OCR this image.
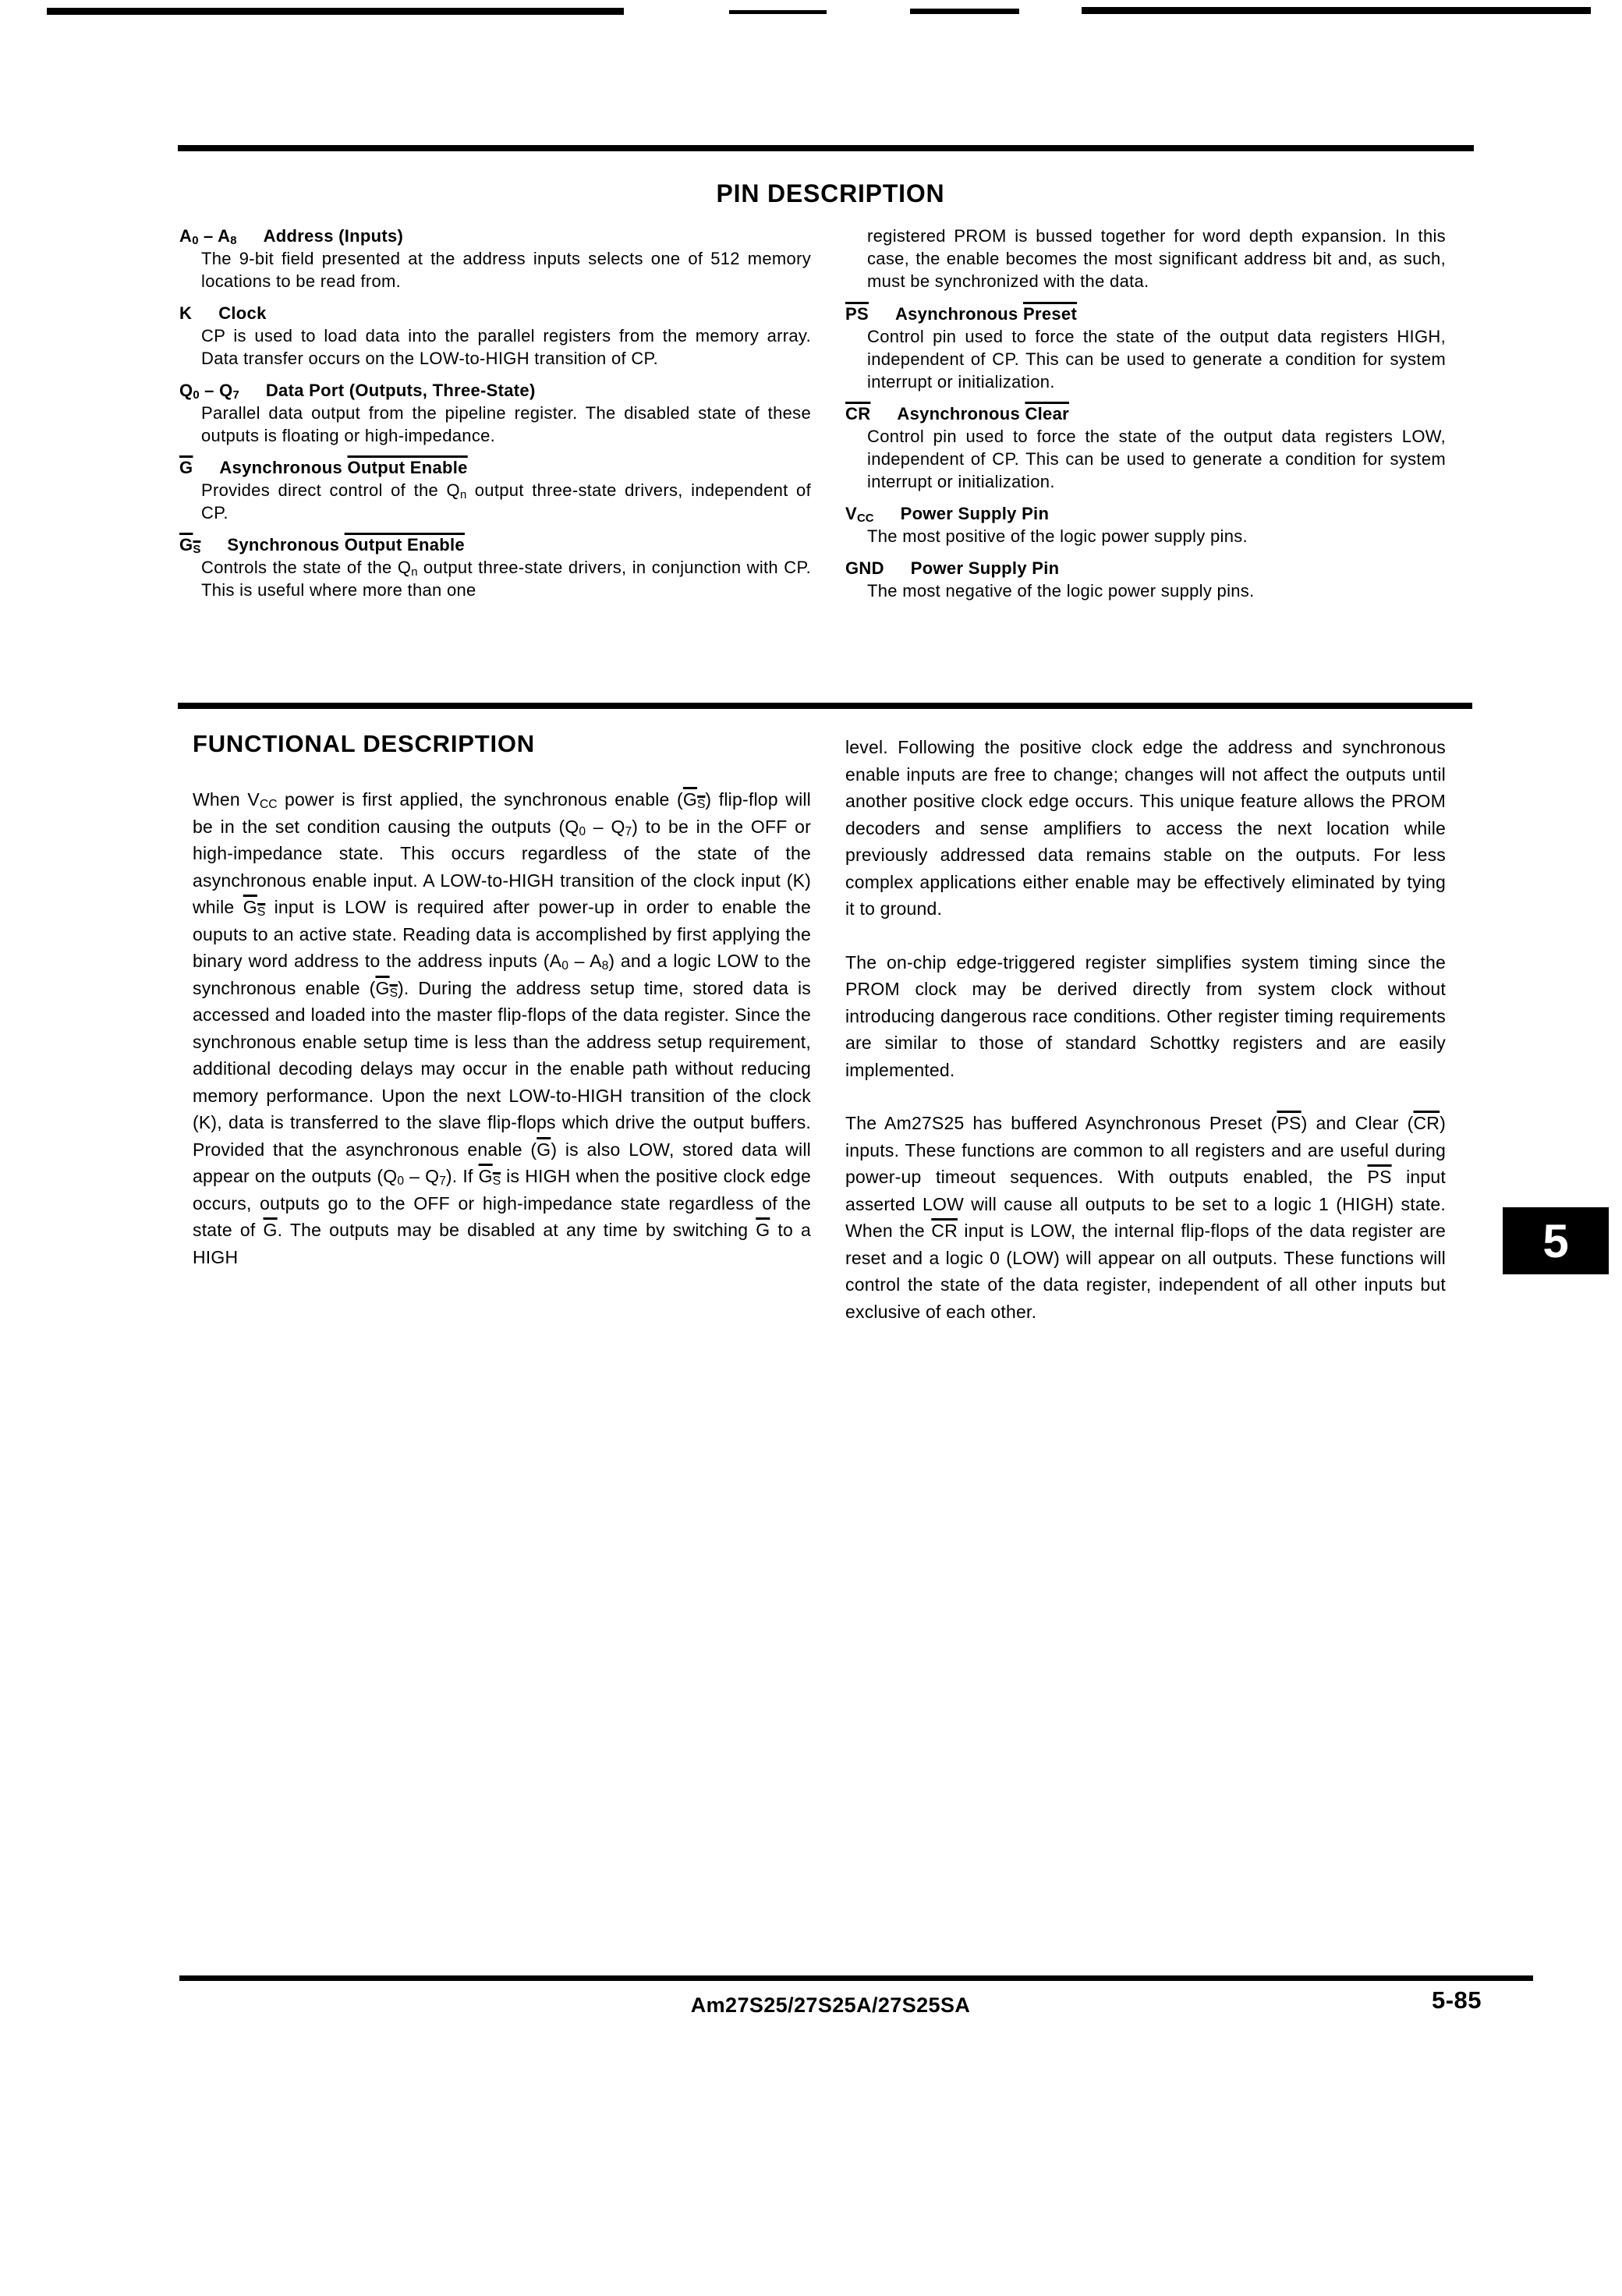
PIN DESCRIPTION
$A_0 - A_8$ Address (Inputs)

The 9-bit field presented at the address inputs selects one of 512 memory locations to be read from.

K Clock

CP is used to load data into the parallel registers from the memory array. Data transfer occurs on the LOW-to-HIGH transition of CP.

$Q_0 - Q_7$ Data Port (Outputs, Three-State)

Parallel data output from the pipeline register. The disabled state of these outputs is floating or high-impedance.

G Asynchronous Output Enable

Provides direct control of the $Q_n$ output three-state drivers, independent of CP.

$G_S$ Synchronous Output Enable

Controls the state of the $Q_n$ output three-state drivers, in conjunction with CP. This is useful where more than one

registered PROM is bussed together for word depth expansion. In this case, the enable becomes the most significant address bit and, as such, must be synchronized with the data.

PS Asynchronous Preset

Control pin used to force the state of the output data registers HIGH, independent of CP. This can be used to generate a condition for system interrupt or initialization.

CR Asynchronous Clear

Control pin used to force the state of the output data registers LOW, independent of CP. This can be used to generate a condition for system interrupt or initialization.

$V_{CC}$ Power Supply Pin

The most positive of the logic power supply pins.

GND Power Supply Pin

The most negative of the logic power supply pins.

FUNCTIONAL DESCRIPTION

When $V_{CC}$ power is first applied, the synchronous enable $(G_S)$ flip-flop will be in the set condition causing the outputs $(Q_0 - Q_7)$ to be in the OFF or high-impedance state. This occurs regardless of the state of the asynchronous enable input. A LOW-to-HIGH transition of the clock input (K) while $G_S$ input is LOW is required after power-up in order to enable the ouputs to an active state. Reading data is accomplished by first applying the binary word address to the address inputs $(A_0 - A_8)$ and a logic LOW to the synchronous enable $(G_S)$. During the address setup time, stored data is accessed and loaded into the master flip-flops of the data register. Since the synchronous enable setup time is less than the address setup requirement, additional decoding delays may occur in the enable path without reducing memory performance. Upon the next LOW-to-HIGH transition of the clock (K), data is transferred to the slave flip-flops which drive the output buffers. Provided that the asynchronous enable $(\overline{G})$ is also LOW, stored data will appear on the outputs $(Q_0 - Q_7)$. If $G_S$ is HIGH when the positive clock edge occurs, outputs go to the OFF or high-impedance state regardless of the state of $\overline{G}$. The outputs may be disabled at any time by switching $\overline{G}$ to a HIGH

level. Following the positive clock edge the address and synchronous enable inputs are free to change; changes will not affect the outputs until another positive clock edge occurs. This unique feature allows the PROM decoders and sense amplifiers to access the next location while previously addressed data remains stable on the outputs. For less complex applications either enable may be effectively eliminated by tying it to ground.

The on-chip edge-triggered register simplifies system timing since the PROM clock may be derived directly from system clock without introducing dangerous race conditions. Other register timing requirements are similar to those of standard Schottky registers and are easily implemented.

The Am27S25 has buffered Asynchronous Preset $(\overline{PS})$ and Clear $(\overline{CR})$ inputs. These functions are common to all registers and are useful during power-up timeout sequences. With outputs enabled, the $\overline{PS}$ input asserted LOW will cause all outputs to be set to a logic 1 (HIGH) state. When the $\overline{CR}$ input is LOW, the internal flip-flops of the data register are reset and a logic 0 (LOW) will appear on all outputs. These functions will control the state of the data register, independent of all other inputs but exclusive of each other.

5
Am27S25/27S25A/27S25SA	5-85
